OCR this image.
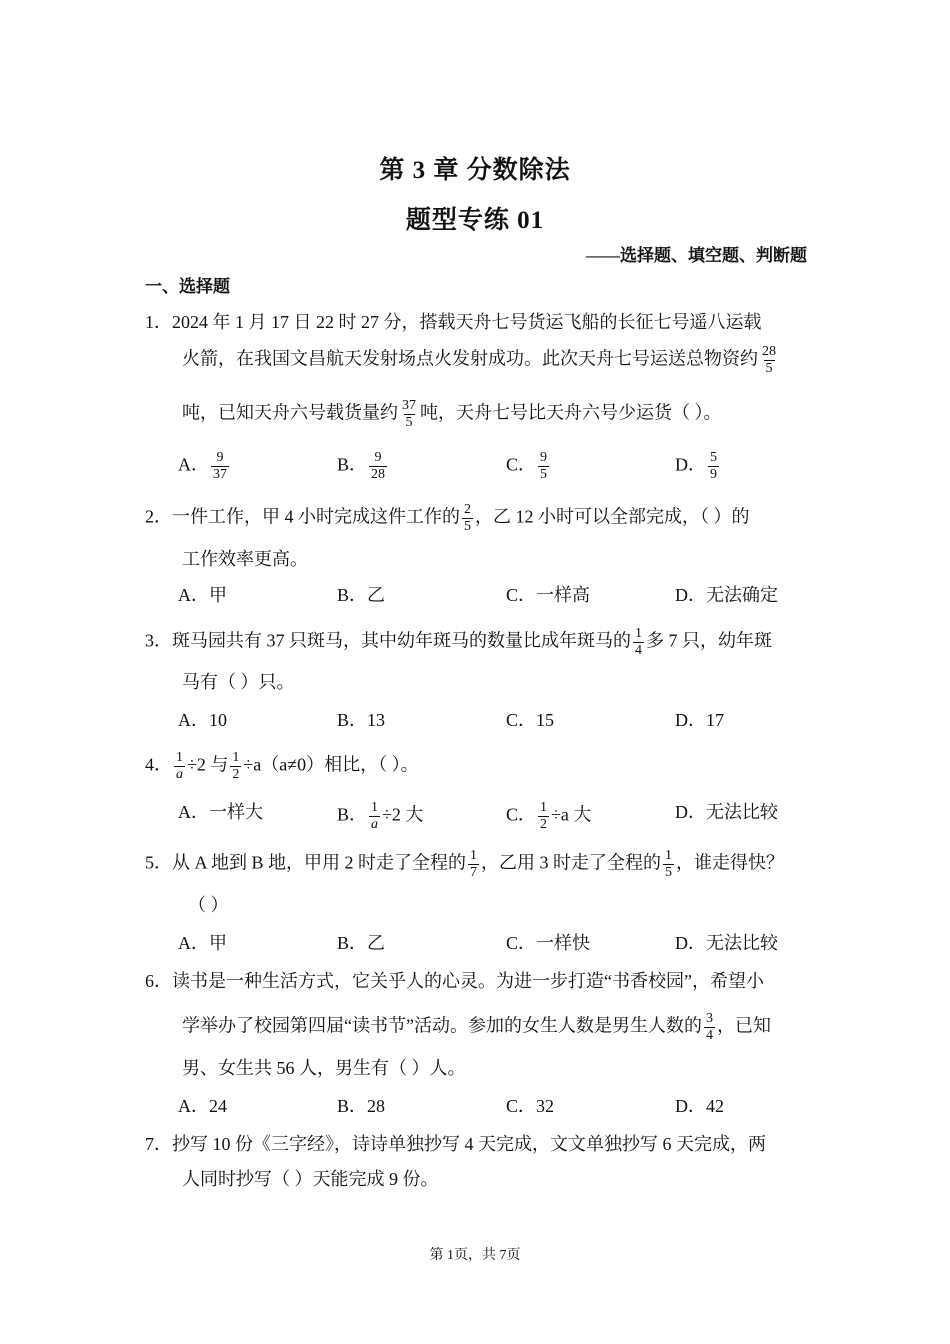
第 3 章 分数除法
题型专练 01
——选择题、填空题、判断题
一、选择题
1．2024 年 1 月 17 日 22 时 27 分，搭载天舟七号货运飞船的长征七号遥八运载
火箭，在我国文昌航天发射场点火发射成功。此次天舟七号运送总物资约 $\frac{28}{5}$
吨，已知天舟六号载货量约 $\frac{37}{5}$ 吨，天舟七号比天舟六号少运货（ ）。
A． $\frac{9}{37}$	B． $\frac{9}{28}$	C． $\frac{9}{5}$	D． $\frac{5}{9}$
2．一件工作，甲 4 小时完成这件工作的 $\frac{2}{5}$ ，乙 12 小时可以全部完成，（ ）的
工作效率更高。
A．甲	B．乙	C．一样高	D．无法确定
3．斑马园共有 37 只斑马，其中幼年斑马的数量比成年斑马的 $\frac{1}{4}$ 多 7 只，幼年斑
马有（ ）只。
A．10	B．13	C．15	D．17
4． $\frac{1}{a} \div 2$ 与 $\frac{1}{2} \div a(a\ne 0)$相比，（ ）。
A．一样大	B． $\frac{1}{a} \div 2$ 大	C． $\frac{1}{2} \div a$ 大	D．无法比较
5．从 A 地到 B 地，甲用 2 时走了全程的 $\frac{1}{7}$ ，乙用 3 时走了全程的 $\frac{1}{5}$ ，谁走得快？
（ ）
A．甲	B．乙	C．一样快	D．无法比较
6．读书是一种生活方式，它关乎人的心灵。为进一步打造“书香校园”，希望小
学举办了校园第四届“读书节”活动。参加的女生人数是男生人数的 $\frac{3}{4}$ ，已知
男、女生共 56 人，男生有（ ）人。
A．24	B．28	C．32	D．42
7．抄写 10 份《三字经》，诗诗单独抄写 4 天完成，文文单独抄写 6 天完成，两
人同时抄写（ ）天能完成 9 份。
第 1页，共 7页
